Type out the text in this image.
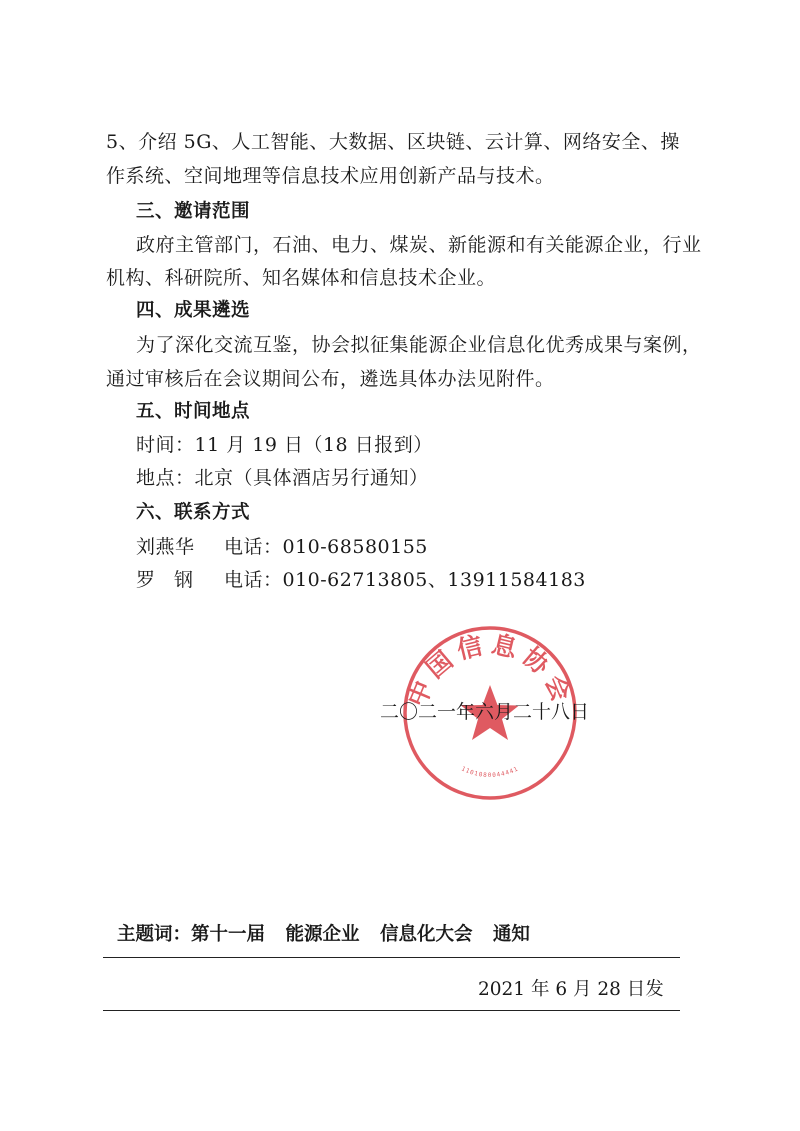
5、介绍 5G、人工智能、大数据、区块链、云计算、网络安全、操
作系统、空间地理等信息技术应用创新产品与技术。
三、邀请范围
政府主管部门，石油、电力、煤炭、新能源和有关能源企业，行业
机构、科研院所、知名媒体和信息技术企业。
四、成果遴选
为了深化交流互鉴，协会拟征集能源企业信息化优秀成果与案例，
通过审核后在会议期间公布，遴选具体办法见附件。
五、时间地点
时间：11 月 19 日（18 日报到）
地点：北京（具体酒店另行通知）
六、联系方式
刘燕华 电话：010-68580155
罗钢 电话：010-62713805、13911584183
中国信息协会
1101080044441
二〇二一年六月二十八日
主题词：第十一届 能源企业 信息化大会 通知
2021 年 6 月 28 日发
